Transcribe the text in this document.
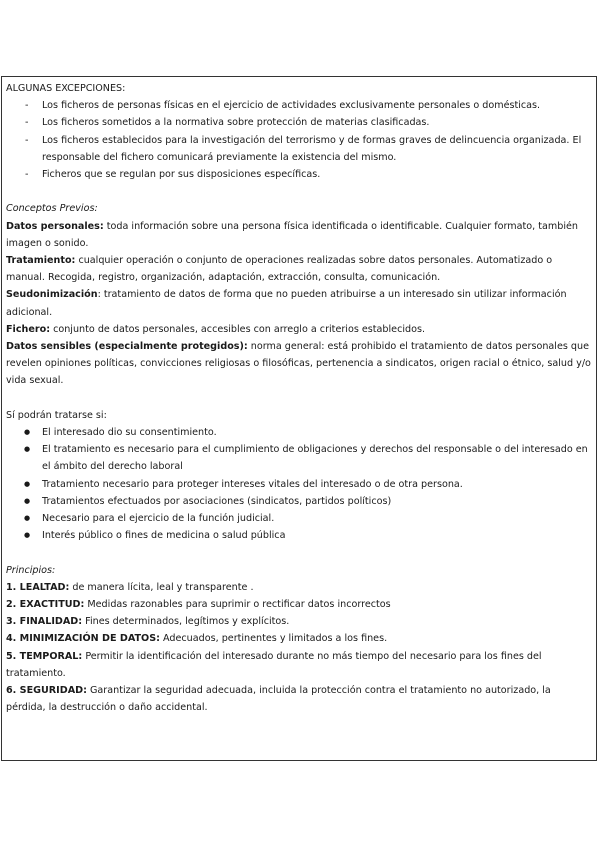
ALGUNAS EXCEPCIONES:

- Los ficheros de personas físicas en el ejercicio de actividades exclusivamente personales o domésticas.
- Los ficheros sometidos a la normativa sobre protección de materias clasificadas.
- Los ficheros establecidos para la investigación del terrorismo y de formas graves de delincuencia organizada. El responsable del fichero comunicará previamente la existencia del mismo.
- Ficheros que se regulan por sus disposiciones específicas.

Conceptos Previos:

Datos personales: toda información sobre una persona física identificada o identificable. Cualquier formato, también imagen o sonido.

Tratamiento: cualquier operación o conjunto de operaciones realizadas sobre datos personales. Automatizado o manual. Recogida, registro, organización, adaptación, extracción, consulta, comunicación.

Seudonimización: tratamiento de datos de forma que no pueden atribuirse a un interesado sin utilizar información adicional.

Fichero: conjunto de datos personales, accesibles con arreglo a criterios establecidos.

Datos sensibles (especialmente protegidos): norma general: está prohibido el tratamiento de datos personales que revelen opiniones políticas, convicciones religiosas o filosóficas, pertenencia a sindicatos, origen racial o étnico, salud y/o vida sexual.

Sí podrán tratarse si:

● El interesado dio su consentimiento.
● El tratamiento es necesario para el cumplimiento de obligaciones y derechos del responsable o del interesado en el ámbito del derecho laboral
● Tratamiento necesario para proteger intereses vitales del interesado o de otra persona.
● Tratamientos efectuados por asociaciones (sindicatos, partidos políticos)
● Necesario para el ejercicio de la función judicial.
● Interés público o fines de medicina o salud pública

Principios:

1. LEALTAD: de manera lícita, leal y transparente .

2. EXACTITUD: Medidas razonables para suprimir o rectificar datos incorrectos

3. FINALIDAD: Fines determinados, legítimos y explícitos.

4. MINIMIZACIÓN DE DATOS: Adecuados, pertinentes y limitados a los fines.

5. TEMPORAL: Permitir la identificación del interesado durante no más tiempo del necesario para los fines del tratamiento.

6. SEGURIDAD: Garantizar la seguridad adecuada, incluida la protección contra el tratamiento no autorizado, la pérdida, la destrucción o daño accidental.
